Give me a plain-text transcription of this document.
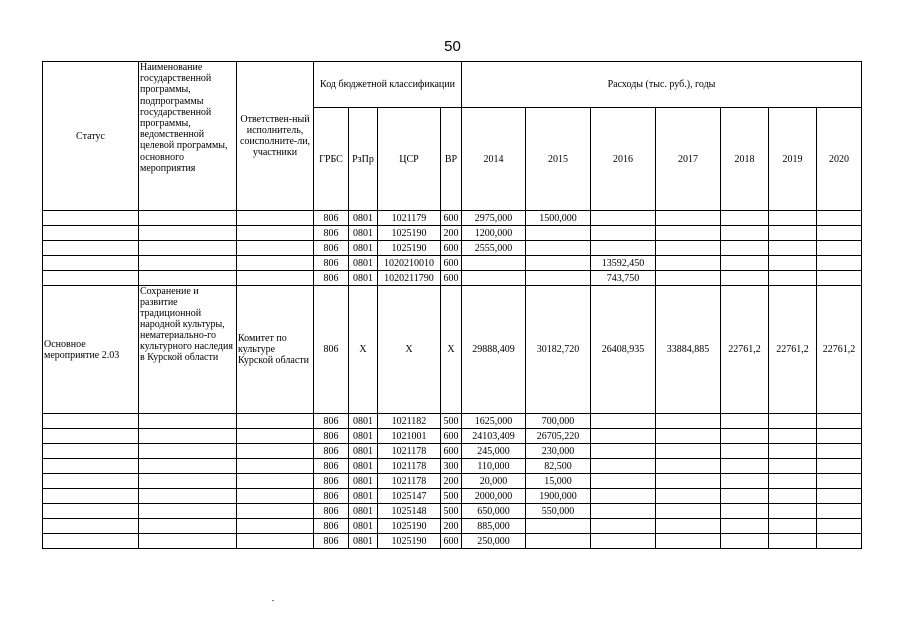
50
Статус	Наименование государственной программы, подпрограммы государственной программы, ведомственной целевой программы, основного мероприятия	Ответствен-ный исполнитель, соисполните-ли, участники	Код бюджетной классификации				Расходы (тыс. руб.), годы						
			ГРБС	РзПр	ЦСР	ВР	2014	2015	2016	2017	2018	2019	2020
			806	0801	1021179	600	2975,000	1500,000					
			806	0801	1025190	200	1200,000						
			806	0801	1025190	600	2555,000						
			806	0801	1020210010	600			13592,450				
			806	0801	1020211790	600			743,750				
Основное мероприятие 2.03	Сохранение и развитие традиционной народной культуры, нематериально-го культурного наследия в Курской области	Комитет по культуре Курской области	806	Х	Х	Х	29888,409	30182,720	26408,935	33884,885	22761,2	22761,2	22761,2
			806	0801	1021182	500	1625,000	700,000					
			806	0801	1021001	600	24103,409	26705,220					
			806	0801	1021178	600	245,000	230,000					
			806	0801	1021178	300	110,000	82,500					
			806	0801	1021178	200	20,000	15,000					
			806	0801	1025147	500	2000,000	1900,000					
			806	0801	1025148	500	650,000	550,000					
			806	0801	1025190	200	885,000						
			806	0801	1025190	600	250,000						
